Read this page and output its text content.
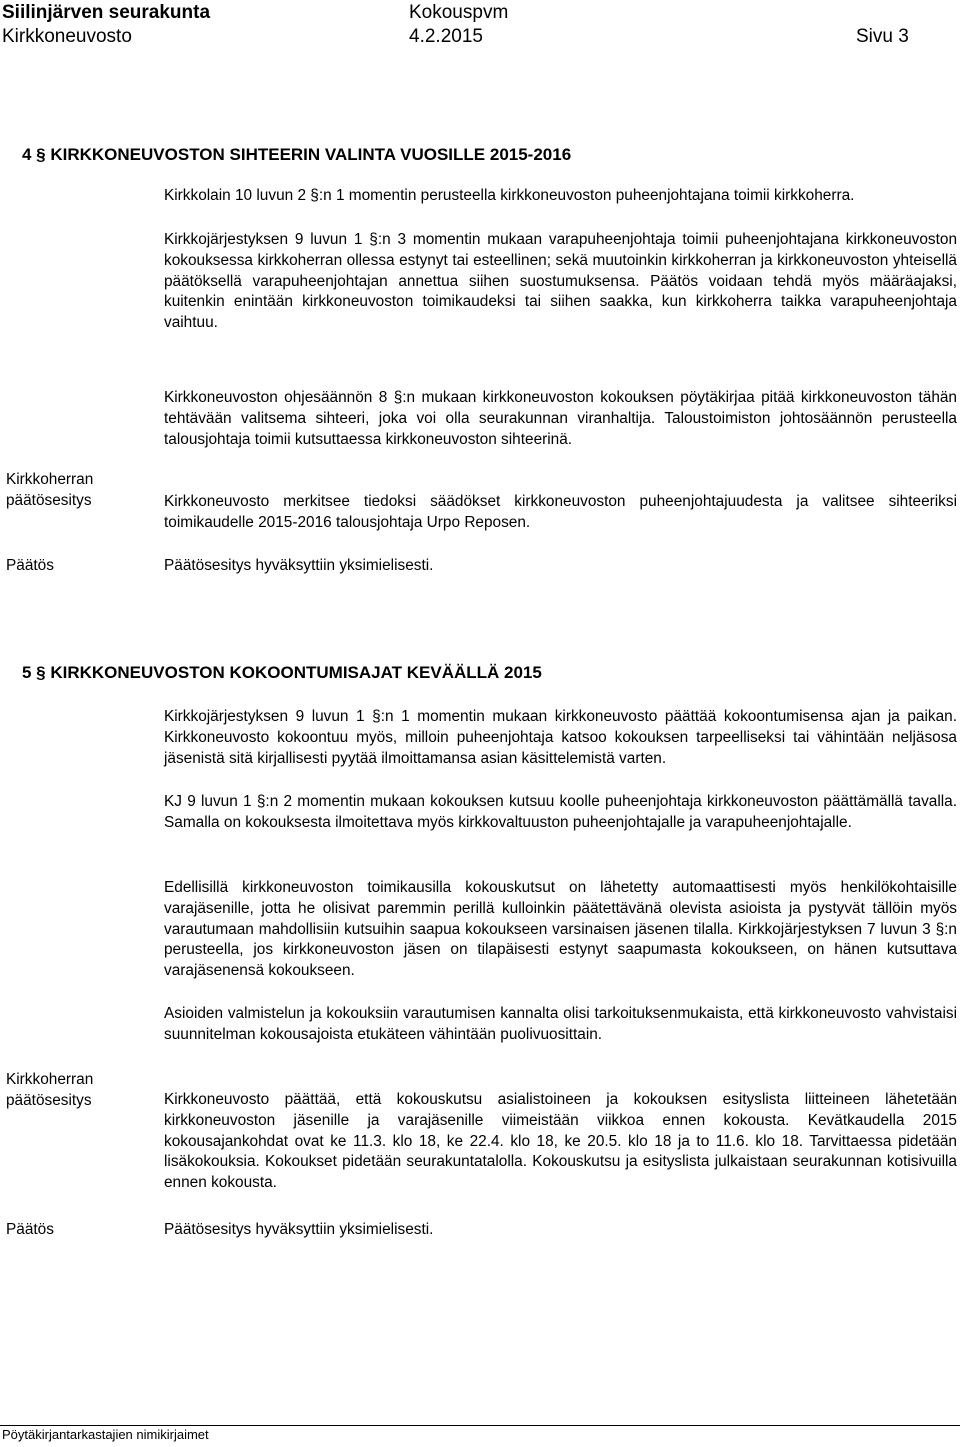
Siilinjärven seurakunta
Kirkkoneuvosto
Kokouspvm
4.2.2015	Sivu 3
4 § KIRKKONEUVOSTON SIHTEERIN VALINTA VUOSILLE 2015-2016

Kirkkolain 10 luvun 2 §:n 1 momentin perusteella kirkkoneuvoston puheenjohtajana toimii kirkkoherra.

Kirkkojärjestyksen 9 luvun 1 §:n 3 momentin mukaan varapuheenjohtaja toimii puheenjohtajana kirkkoneuvoston kokouksessa kirkkoherran ollessa estynyt tai esteellinen; sekä muutoinkin kirkkoherran ja kirkkoneuvoston yhteisellä päätöksellä varapuheenjohtajan annettua siihen suostumuksensa. Päätös voidaan tehdä myös määräajaksi, kuitenkin enintään kirkkoneuvoston toimikaudeksi tai siihen saakka, kun kirkkoherra taikka varapuheenjohtaja vaihtuu.

Kirkkoneuvoston ohjesäännön 8 §:n mukaan kirkkoneuvoston kokouksen pöytäkirjaa pitää kirkkoneuvoston tähän tehtävään valitsema sihteeri, joka voi olla seurakunnan viranhaltija. Taloustoimiston johtosäännön perusteella talousjohtaja toimii kutsuttaessa kirkkoneuvoston sihteerinä.

Kirkkoherran
päätösesitys	Kirkkoneuvosto merkitsee tiedoksi säädökset kirkkoneuvoston puheenjohtajuudesta ja valitsee sihteeriksi toimikaudelle 2015-2016 talousjohtaja Urpo Reposen.

Päätös	Päätösesitys hyväksyttiin yksimielisesti.

5 § KIRKKONEUVOSTON KOKOONTUMISAJAT KEVÄÄLLÄ 2015

Kirkkojärjestyksen 9 luvun 1 §:n 1 momentin mukaan kirkkoneuvosto päättää kokoontumisensa ajan ja paikan. Kirkkoneuvosto kokoontuu myös, milloin puheenjohtaja katsoo kokouksen tarpeelliseksi tai vähintään neljäsosa jäsenistä sitä kirjallisesti pyytää ilmoittamansa asian käsittelemistä varten.

KJ 9 luvun 1 §:n 2 momentin mukaan kokouksen kutsuu koolle puheenjohtaja kirkkoneuvoston päättämällä tavalla. Samalla on kokouksesta ilmoitettava myös kirkkovaltuuston puheenjohtajalle ja varapuheenjohtajalle.

Edellisillä kirkkoneuvoston toimikausilla kokouskutsut on lähetetty automaattisesti myös henkilökohtaisille varajäsenille, jotta he olisivat paremmin perillä kulloinkin päätettävänä olevista asioista ja pystyvät tällöin myös varautumaan mahdollisiin kutsuihin saapua kokoukseen varsinaisen jäsenen tilalla. Kirkkojärjestyksen 7 luvun 3 §:n perusteella, jos kirkkoneuvoston jäsen on tilapäisesti estynyt saapumasta kokoukseen, on hänen kutsuttava varajäsenensä kokoukseen.

Asioiden valmistelun ja kokouksiin varautumisen kannalta olisi tarkoituksenmukaista, että kirkkoneuvosto vahvistaisi suunnitelman kokousajoista etukäteen vähintään puolivuosittain.

Kirkkoherran
päätösesitys	Kirkkoneuvosto päättää, että kokouskutsu asialistoineen ja kokouksen esityslista liitteineen lähetetään kirkkoneuvoston jäsenille ja varajäsenille viimeistään viikkoa ennen kokousta. Kevätkaudella 2015 kokousajankohdat ovat ke 11.3. klo 18, ke 22.4. klo 18, ke 20.5. klo 18 ja to 11.6. klo 18. Tarvittaessa pidetään lisäkokouksia. Kokoukset pidetään seurakuntatalolla. Kokouskutsu ja esityslista julkaistaan seurakunnan kotisivuilla ennen kokousta.

Päätös	Päätösesitys hyväksyttiin yksimielisesti.

Pöytäkirjantarkastajien nimikirjaimet
